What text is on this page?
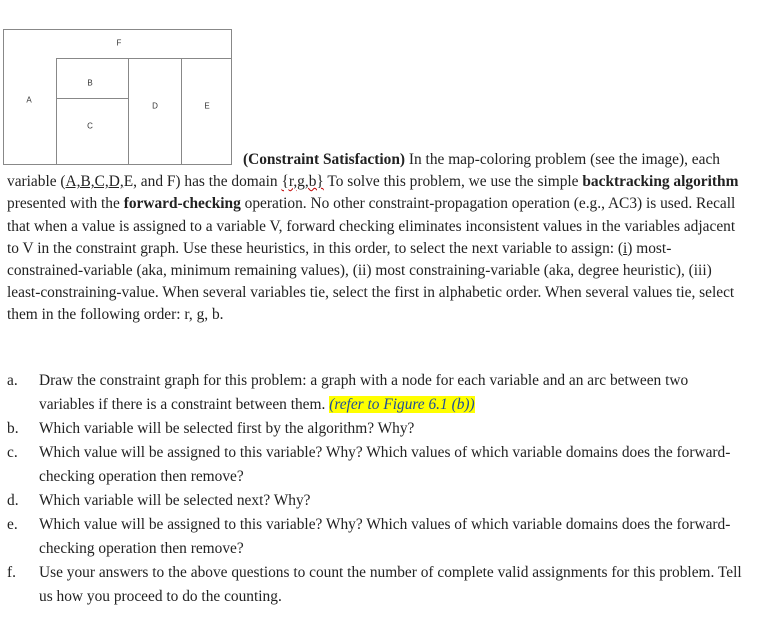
F
A
B
C
D	E

(Constraint Satisfaction) In the map-coloring problem (see the image), each variable (A,B,C,D,E, and F) has the domain {r,g,b} To solve this problem, we use the simple backtracking algorithm presented with the forward-checking operation. No other constraint-propagation operation (e.g., AC3) is used. Recall that when a value is assigned to a variable V, forward checking eliminates inconsistent values in the variables adjacent to V in the constraint graph. Use these heuristics, in this order, to select the next variable to assign: (i) most-constrained-variable (aka, minimum remaining values), (ii) most constraining-variable (aka, degree heuristic), (iii) least-constraining-value. When several variables tie, select the first in alphabetic order. When several values tie, select them in the following order: r, g, b.

a.	Draw the constraint graph for this problem: a graph with a node for each variable and an arc between two variables if there is a constraint between them. (refer to Figure 6.1 (b))
b.	Which variable will be selected first by the algorithm? Why?
c.	Which value will be assigned to this variable? Why? Which values of which variable domains does the forward-checking operation then remove?
d.	Which variable will be selected next? Why?
e.	Which value will be assigned to this variable? Why? Which values of which variable domains does the forward-checking operation then remove?
f.	Use your answers to the above questions to count the number of complete valid assignments for this problem. Tell us how you proceed to do the counting.
